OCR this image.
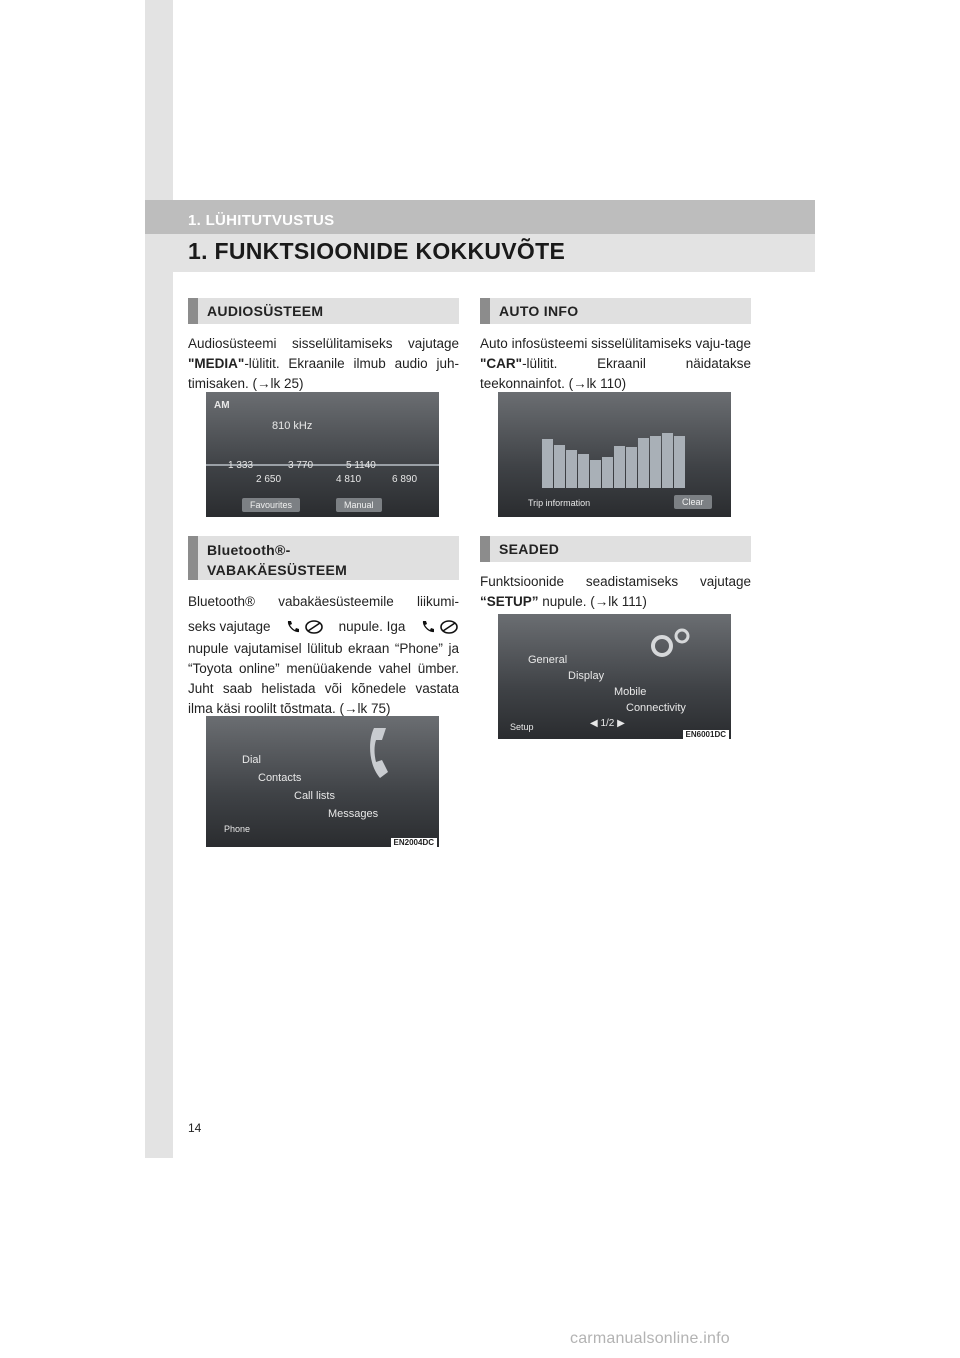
1. LÜHITUTVUSTUS
1. FUNKTSIOONIDE KOKKUVÕTE
AUDIOSÜSTEEM
Audiosüsteemi sisselülitamiseks vajutage "MEDIA"-lülitit. Ekraanile ilmub audio juh-timisaken. (→lk 25)
AM
810 kHz
1 333
2 650
3 770
4 810
5 1140
6 890
Favourites	Manual
AUTO INFO
Auto infosüsteemi sisselülitamiseks vaju-tage "CAR"-lülitit. Ekraanil näidatakse teekonnainfot. (→lk 110)
Trip information	Clear
Bluetooth®-
VABAKÄESÜSTEEM
Bluetooth® vabakäesüsteemile liikumi-
seks vajutage	nupule. Iga
nupule vajutamisel lülitub ekraan “Phone” ja “Toyota online” menüüakende vahel ümber. Juht saab helistada või kõnedele vastata ilma käsi roolilt tõstmata. (→lk 75)
Dial
Contacts
Call lists
Messages
Phone
EN2004DC
SEADED
Funktsioonide seadistamiseks vajutage “SETUP” nupule. (→lk 111)
General
Display
Mobile
Connectivity
Setup	◀ 1/2 ▶
EN6001DC
14
carmanualsonline.info
